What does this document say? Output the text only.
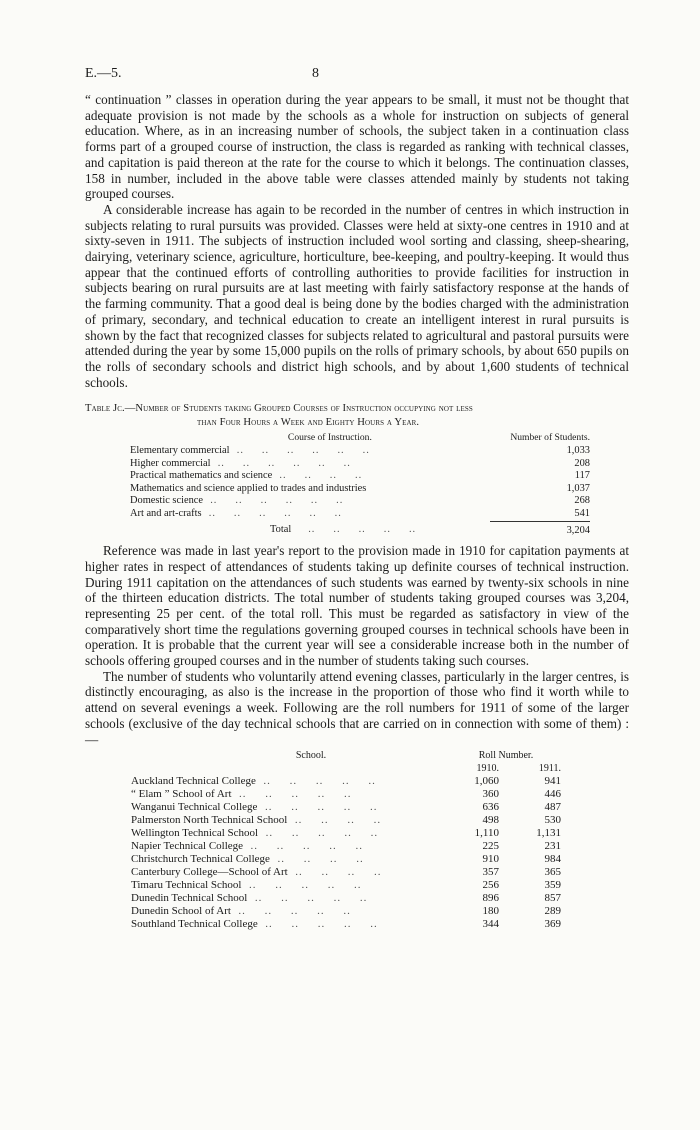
E.—5.	8

“ continuation ” classes in operation during the year appears to be small, it must not be thought that adequate provision is not made by the schools as a whole for instruction on subjects of general education. Where, as in an increasing number of schools, the subject taken in a continuation class forms part of a grouped course of instruction, the class is regarded as ranking with technical classes, and capitation is paid thereon at the rate for the course to which it belongs. The continuation classes, 158 in number, included in the above table were classes attended mainly by students not taking grouped courses.

A considerable increase has again to be recorded in the number of centres in which instruction in subjects relating to rural pursuits was provided. Classes were held at sixty-one centres in 1910 and at sixty-seven in 1911. The subjects of instruction included wool sorting and classing, sheep-shearing, dairying, veterinary science, agriculture, horticulture, bee-keeping, and poultry-keeping. It would thus appear that the continued efforts of controlling authorities to provide facilities for instruction in subjects bearing on rural pursuits are at last meeting with fairly satisfactory response at the hands of the farming community. That a good deal is being done by the bodies charged with the administration of primary, secondary, and technical education to create an intelligent interest in rural pursuits is shown by the fact that recognized classes for subjects related to agricultural and pastoral pursuits were attended during the year by some 15,000 pupils on the rolls of primary schools, by about 650 pupils on the rolls of secondary schools and district high schools, and by about 1,600 students of technical schools.

Table Jc.—Number of Students taking Grouped Courses of Instruction occupying not less
than Four Hours a Week and Eighty Hours a Year.
Course of Instruction.	Number of Students.
Elementary commercial  ..     ..     ..     ..     ..     ..	1,033
Higher commercial  ..     ..     ..     ..     ..     ..	208
Practical mathematics and science  ..     ..     ..     ..	117
Mathematics and science applied to trades and industries	1,037
Domestic science  ..     ..     ..     ..     ..     ..	268
Art and art-crafts  ..     ..     ..     ..     ..     ..	541
Total     ..     ..     ..     ..     ..	3,204

Reference was made in last year's report to the provision made in 1910 for capitation payments at higher rates in respect of attendances of students taking up definite courses of technical instruction. During 1911 capitation on the attendances of such students was earned by twenty-six schools in nine of the thirteen education districts. The total number of students taking grouped courses was 3,204, representing 25 per cent. of the total roll. This must be regarded as satisfactory in view of the comparatively short time the regulations governing grouped courses in technical schools have been in operation. It is probable that the current year will see a considerable increase both in the number of schools offering grouped courses and in the number of students taking such courses.

The number of students who voluntarily attend evening classes, particularly in the larger centres, is distinctly encouraging, as also is the increase in the proportion of those who find it worth while to attend on several evenings a week. Following are the roll numbers for 1911 of some of the larger schools (exclusive of the day technical schools that are carried on in connection with some of them) :—

School.	Roll Number.	
	1910.	1911.
Auckland Technical College  ..     ..     ..     ..     ..	1,060	941
“ Elam ” School of Art  ..     ..     ..     ..     ..	360	446
Wanganui Technical College  ..     ..     ..     ..     ..	636	487
Palmerston North Technical School  ..     ..     ..     ..	498	530
Wellington Technical School  ..     ..     ..     ..     ..	1,110	1,131
Napier Technical College  ..     ..     ..     ..     ..	225	231
Christchurch Technical College  ..     ..     ..     ..	910	984
Canterbury College—School of Art  ..     ..     ..     ..	357	365
Timaru Technical School  ..     ..     ..     ..     ..	256	359
Dunedin Technical School  ..     ..     ..     ..     ..	896	857
Dunedin School of Art  ..     ..     ..     ..     ..	180	289
Southland Technical College  ..     ..     ..     ..     ..	344	369
